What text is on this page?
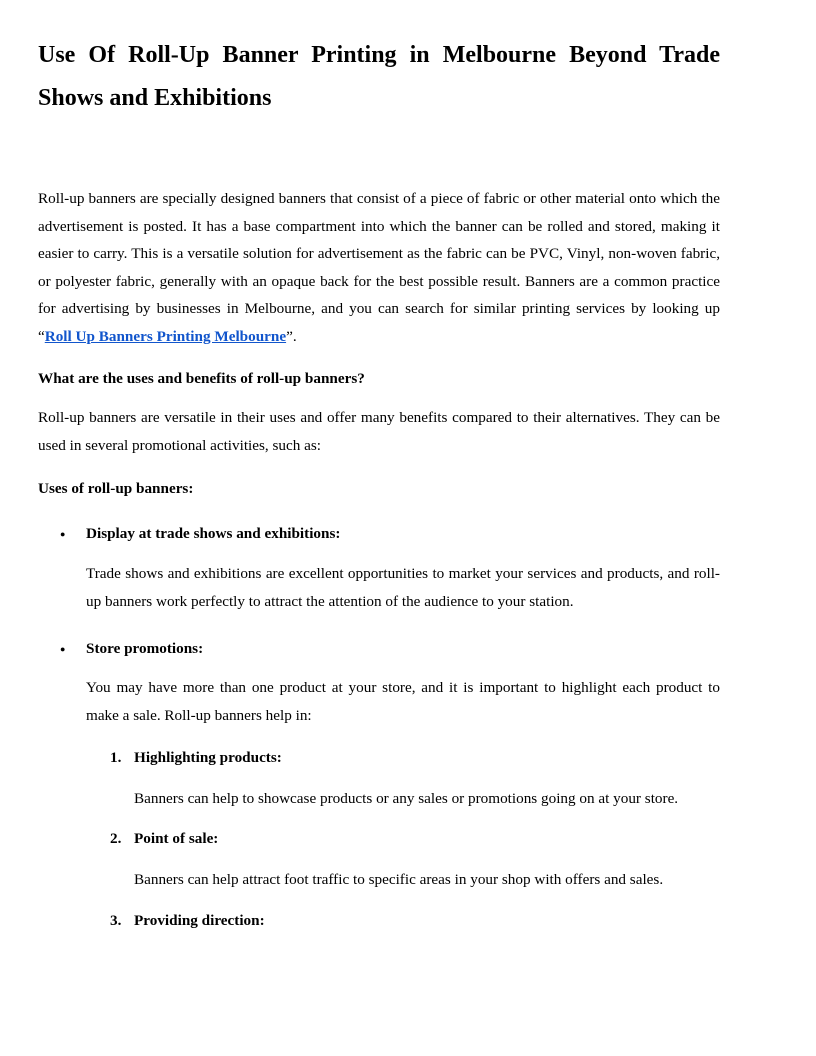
Use Of Roll-Up Banner Printing in Melbourne Beyond Trade
Shows and Exhibitions

Roll-up banners are specially designed banners that consist of a piece of fabric or other material onto which the advertisement is posted. It has a base compartment into which the banner can be rolled and stored, making it easier to carry. This is a versatile solution for advertisement as the fabric can be PVC, Vinyl, non-woven fabric, or polyester fabric, generally with an opaque back for the best possible result. Banners are a common practice for advertising by businesses in Melbourne, and you can search for similar printing services by looking up “Roll Up Banners Printing Melbourne”.

What are the uses and benefits of roll-up banners?

Roll-up banners are versatile in their uses and offer many benefits compared to their alternatives. They can be used in several promotional activities, such as:

Uses of roll-up banners:

●	Display at trade shows and exhibitions:

Trade shows and exhibitions are excellent opportunities to market your services and products, and roll-up banners work perfectly to attract the attention of the audience to your station.

●	Store promotions:

You may have more than one product at your store, and it is important to highlight each product to make a sale. Roll-up banners help in:

1. Highlighting products:

Banners can help to showcase products or any sales or promotions going on at your store.

2. Point of sale:

Banners can help attract foot traffic to specific areas in your shop with offers and sales.

3. Providing direction:
